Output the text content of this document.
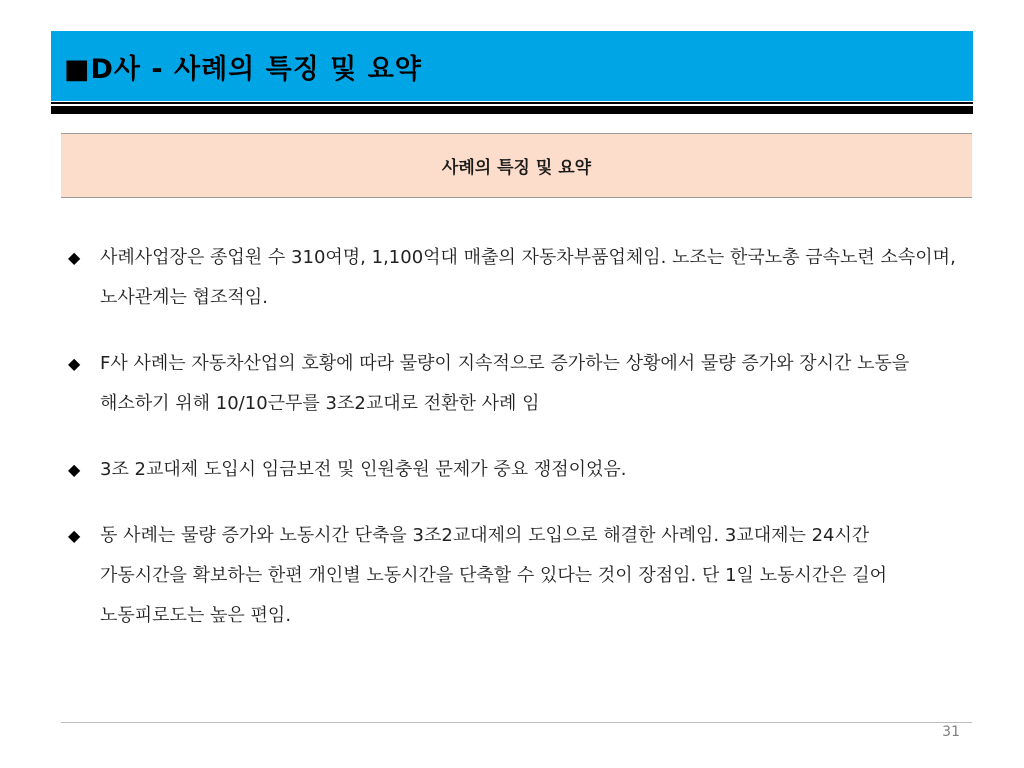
■D사 - 사례의 특징 및 요약
사례의 특징 및 요약
◆ 사례사업장은 종업원 수 310여명, 1,100억대 매출의 자동차부품업체임. 노조는 한국노총 금속노련 소속이며, 노사관계는 협조적임.
◆ F사 사례는 자동차산업의 호황에 따라 물량이 지속적으로 증가하는 상황에서 물량 증가와 장시간 노동을 해소하기 위해 10/10근무를 3조2교대로 전환한 사례 임
◆ 3조 2교대제 도입시 임금보전 및 인원충원 문제가 중요 쟁점이었음.
◆ 동 사례는 물량 증가와 노동시간 단축을 3조2교대제의 도입으로 해결한 사례임. 3교대제는 24시간 가동시간을 확보하는 한편 개인별 노동시간을 단축할 수 있다는 것이 장점임. 단 1일 노동시간은 길어 노동피로도는 높은 편임.
31
